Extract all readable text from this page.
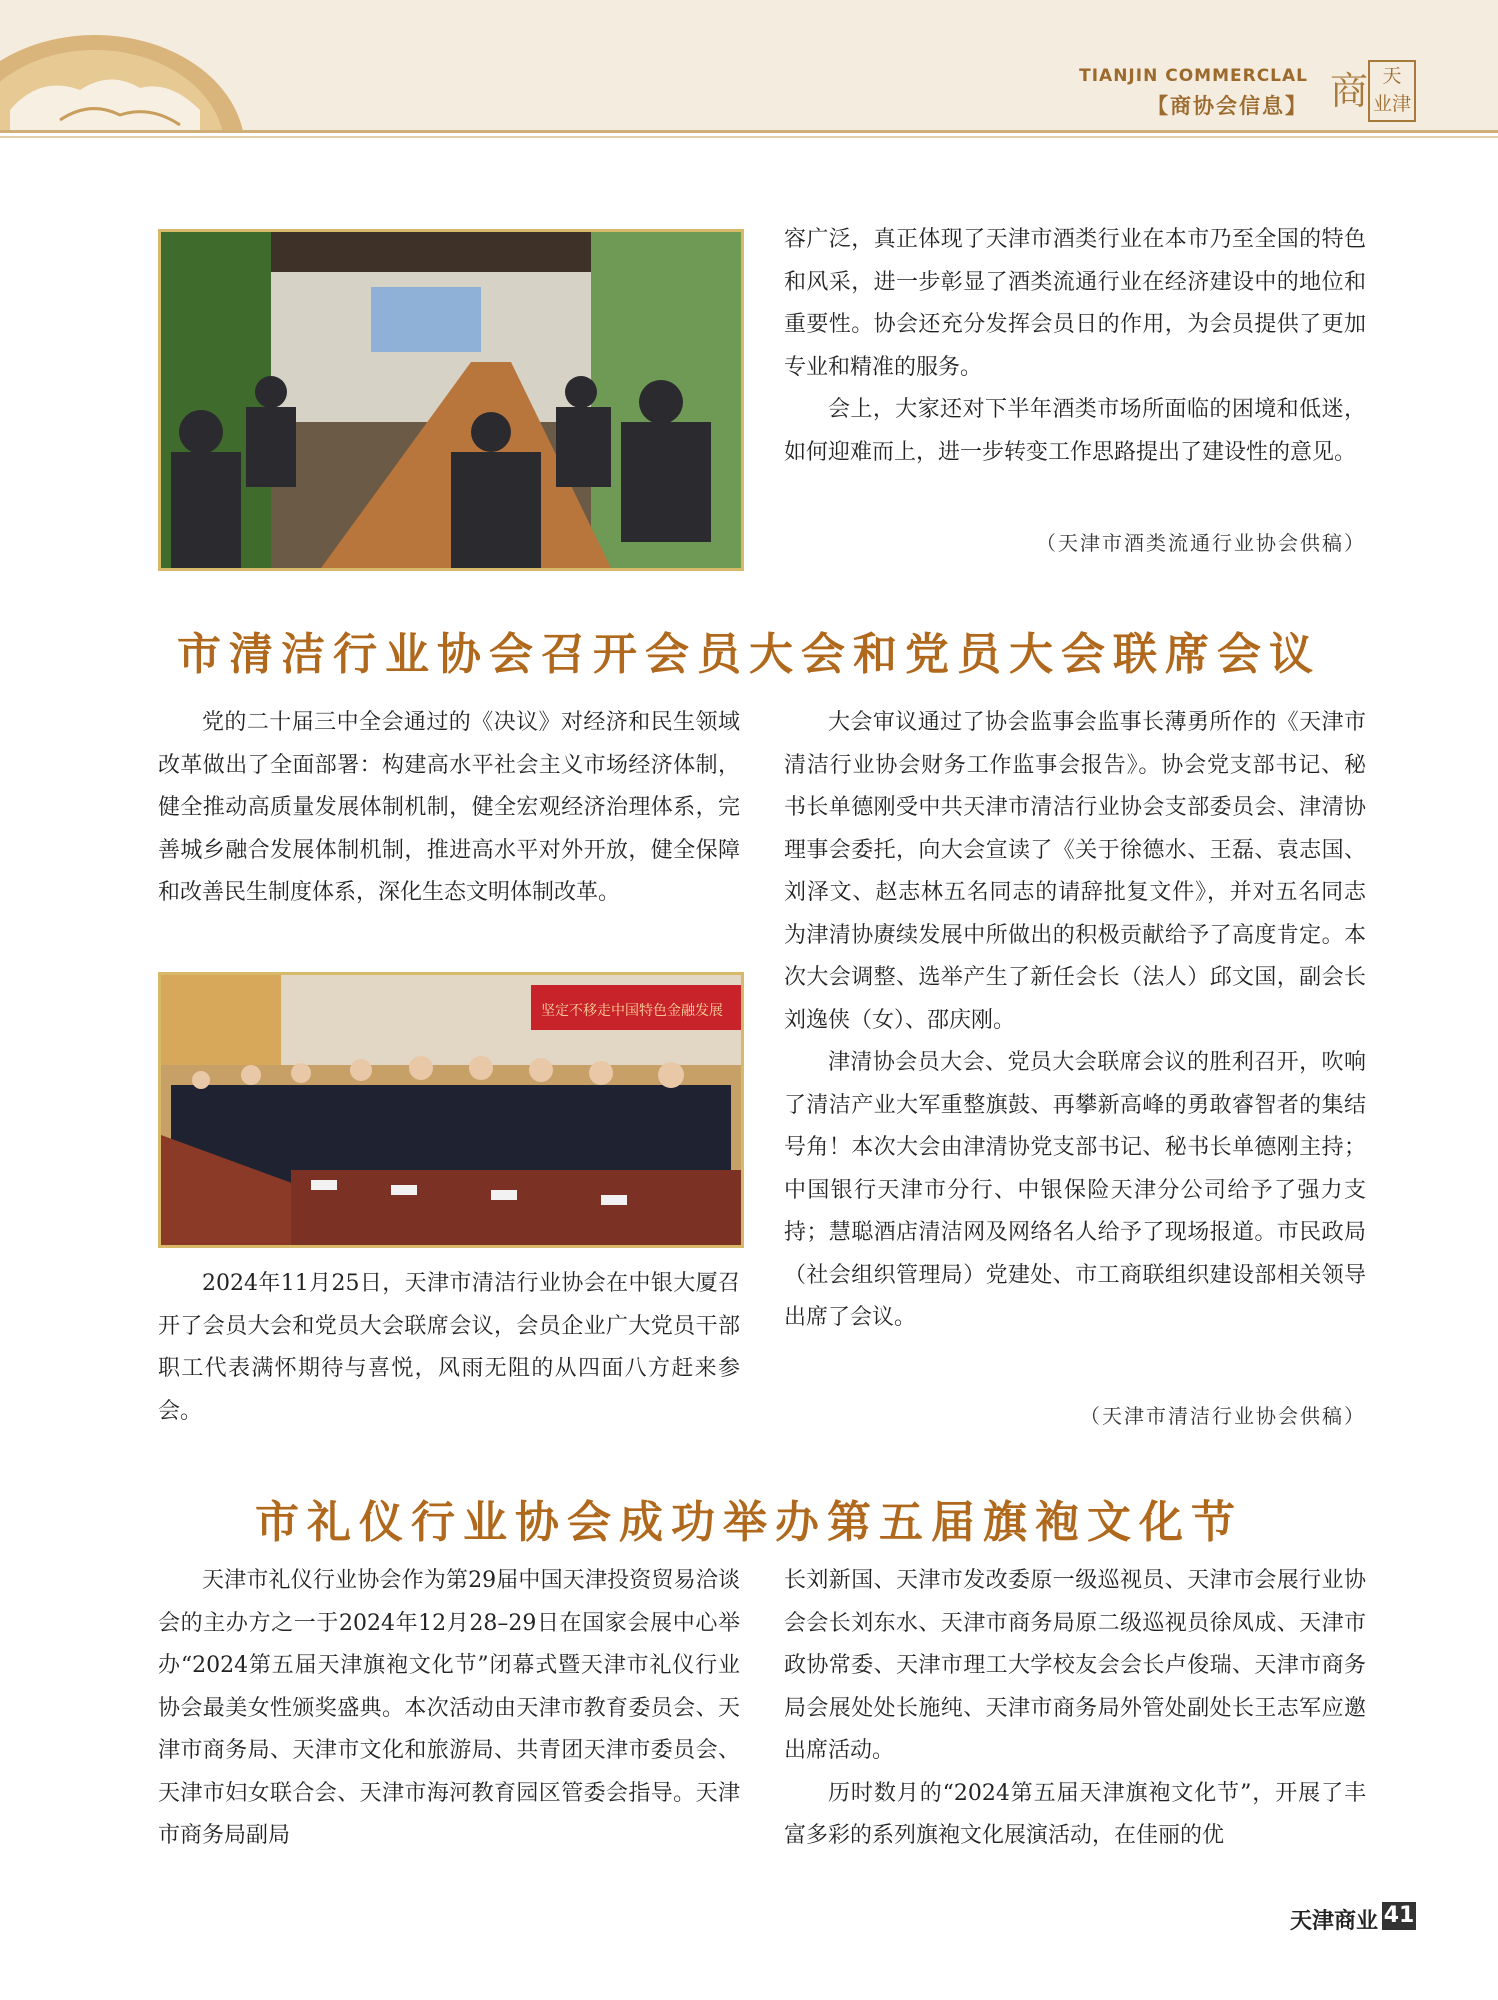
TIANJIN COMMERCLAL
【商协会信息】 商 天
业津

容广泛，真正体现了天津市酒类行业在本市乃至全国的特色和风采，进一步彰显了酒类流通行业在经济建设中的地位和重要性。协会还充分发挥会员日的作用，为会员提供了更加专业和精准的服务。

会上，大家还对下半年酒类市场所面临的困境和低迷，如何迎难而上，进一步转变工作思路提出了建设性的意见。

（天津市酒类流通行业协会供稿）
市清洁行业协会召开会员大会和党员大会联席会议

党的二十届三中全会通过的《决议》对经济和民生领域改革做出了全面部署：构建高水平社会主义市场经济体制，健全推动高质量发展体制机制，健全宏观经济治理体系，完善城乡融合发展体制机制，推进高水平对外开放，健全保障和改善民生制度体系，深化生态文明体制改革。

坚定不移走中国特色金融发展

2024年11月25日，天津市清洁行业协会在中银大厦召开了会员大会和党员大会联席会议，会员企业广大党员干部职工代表满怀期待与喜悦，风雨无阻的从四面八方赶来参会。

大会审议通过了协会监事会监事长薄勇所作的《天津市清洁行业协会财务工作监事会报告》。协会党支部书记、秘书长单德刚受中共天津市清洁行业协会支部委员会、津清协理事会委托，向大会宣读了《关于徐德水、王磊、袁志国、刘泽文、赵志林五名同志的请辞批复文件》，并对五名同志为津清协赓续发展中所做出的积极贡献给予了高度肯定。本次大会调整、选举产生了新任会长（法人）邱文国，副会长刘逸侠（女）、邵庆刚。

津清协会员大会、党员大会联席会议的胜利召开，吹响了清洁产业大军重整旗鼓、再攀新高峰的勇敢睿智者的集结号角！本次大会由津清协党支部书记、秘书长单德刚主持；中国银行天津市分行、中银保险天津分公司给予了强力支持；慧聪酒店清洁网及网络名人给予了现场报道。市民政局（社会组织管理局）党建处、市工商联组织建设部相关领导出席了会议。

（天津市清洁行业协会供稿）
市礼仪行业协会成功举办第五届旗袍文化节

天津市礼仪行业协会作为第29届中国天津投资贸易洽谈会的主办方之一于2024年12月28–29日在国家会展中心举办“2024第五届天津旗袍文化节”闭幕式暨天津市礼仪行业协会最美女性颁奖盛典。本次活动由天津市教育委员会、天津市商务局、天津市文化和旅游局、共青团天津市委员会、天津市妇女联合会、天津市海河教育园区管委会指导。天津市商务局副局

长刘新国、天津市发改委原一级巡视员、天津市会展行业协会会长刘东水、天津市商务局原二级巡视员徐凤成、天津市政协常委、天津市理工大学校友会会长卢俊瑞、天津市商务局会展处处长施纯、天津市商务局外管处副处长王志军应邀出席活动。

历时数月的“2024第五届天津旗袍文化节”，开展了丰富多彩的系列旗袍文化展演活动，在佳丽的优

天津商业 41
